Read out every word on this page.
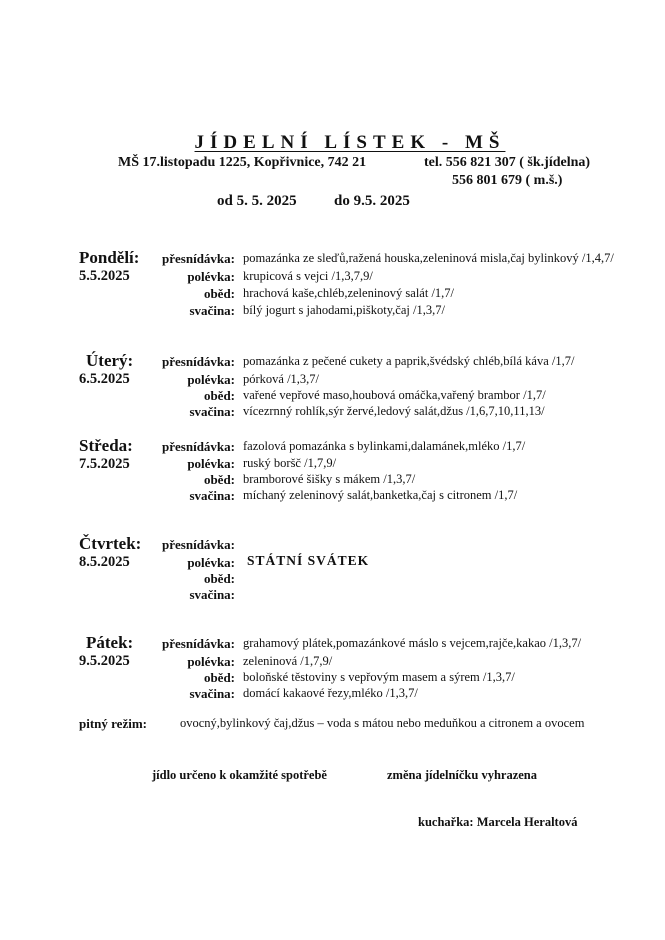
JÍDELNÍ LÍSTEK - MŠ
MŠ 17.listopadu 1225, Kopřivnice, 742 21	tel. 556 821 307 ( šk.jídelna)
556 801 679 ( m.š.)
od 5. 5. 2025 do 9.5. 2025
Pondělí:
5.5.2025
přesnídávka: pomazánka ze sleďů,ražená houska,zeleninová misla,čaj bylinkový /1,4,7/
polévka: krupicová s vejci /1,3,7,9/
oběd: hrachová kaše,chléb,zeleninový salát /1,7/
svačina: bílý jogurt s jahodami,piškoty,čaj /1,3,7/
Úterý:
6.5.2025
přesnídávka: pomazánka z pečené cukety a paprik,švédský chléb,bílá káva /1,7/
polévka: pórková /1,3,7/
oběd: vařené vepřové maso,houbová omáčka,vařený brambor /1,7/
svačina: vícezrnný rohlík,sýr žervé,ledový salát,džus /1,6,7,10,11,13/
Středa:
7.5.2025
přesnídávka: fazolová pomazánka s bylinkami,dalamánek,mléko /1,7/
polévka: ruský boršč /1,7,9/
oběd: bramborové šišky s mákem /1,3,7/
svačina: míchaný zeleninový salát,banketka,čaj s citronem /1,7/
Čtvrtek:
8.5.2025
přesnídávka:
polévka:
oběd:
svačina:
STÁTNÍ SVÁTEK
Pátek:
9.5.2025
přesnídávka: grahamový plátek,pomazánkové máslo s vejcem,rajče,kakao /1,3,7/
polévka: zeleninová /1,7,9/
oběd: boloňské těstoviny s vepřovým masem a sýrem /1,3,7/
svačina: domácí kakaové řezy,mléko /1,3,7/
pitný režim:	ovocný,bylinkový čaj,džus – voda s mátou nebo meduňkou a citronem a ovocem
jídlo určeno k okamžité spotřebě	změna jídelníčku vyhrazena
kuchařka: Marcela Heraltová
